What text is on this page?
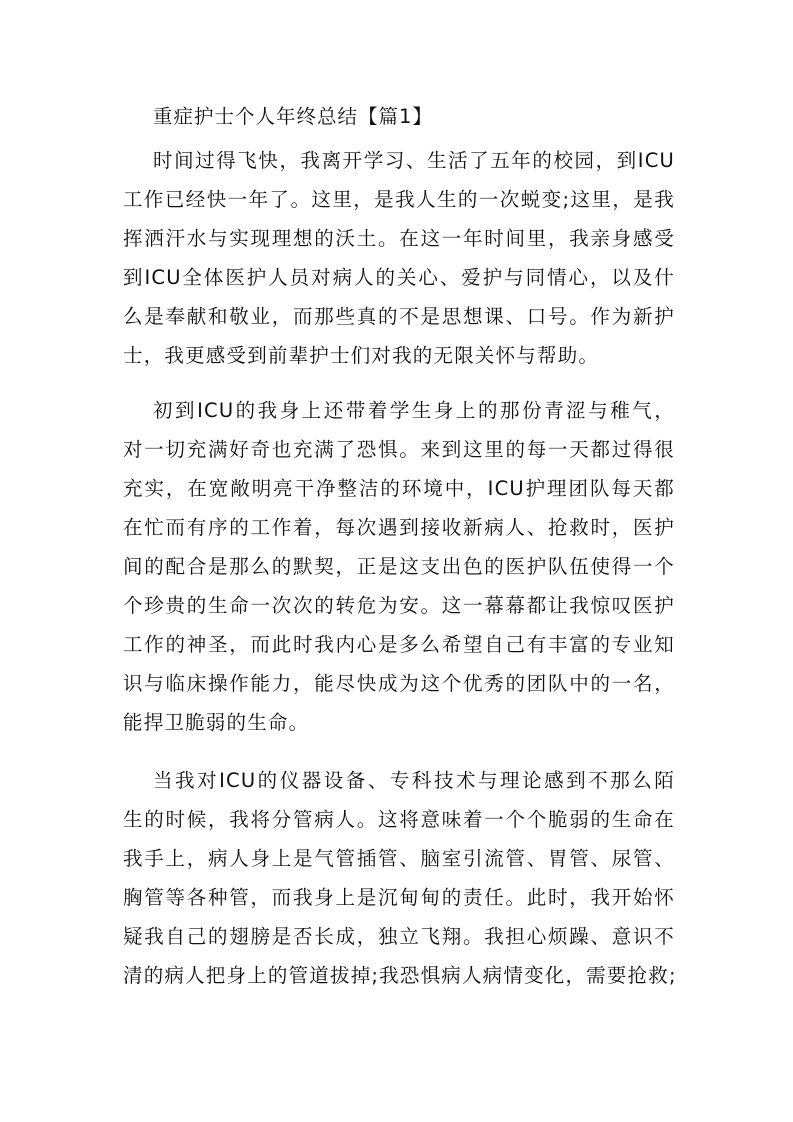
重症护士个人年终总结【篇1】
时间过得飞快，我离开学习、生活了五年的校园，到ICU
工作已经快一年了。这里，是我人生的一次蜕变;这里，是我
挥洒汗水与实现理想的沃土。在这一年时间里，我亲身感受
到ICU全体医护人员对病人的关心、爱护与同情心，以及什
么是奉献和敬业，而那些真的不是思想课、口号。作为新护
士，我更感受到前辈护士们对我的无限关怀与帮助。
初到ICU的我身上还带着学生身上的那份青涩与稚气，
对一切充满好奇也充满了恐惧。来到这里的每一天都过得很
充实，在宽敞明亮干净整洁的环境中，ICU护理团队每天都
在忙而有序的工作着，每次遇到接收新病人、抢救时，医护
间的配合是那么的默契，正是这支出色的医护队伍使得一个
个珍贵的生命一次次的转危为安。这一幕幕都让我惊叹医护
工作的神圣，而此时我内心是多么希望自己有丰富的专业知
识与临床操作能力，能尽快成为这个优秀的团队中的一名，
能捍卫脆弱的生命。
当我对ICU的仪器设备、专科技术与理论感到不那么陌
生的时候，我将分管病人。这将意味着一个个脆弱的生命在
我手上，病人身上是气管插管、脑室引流管、胃管、尿管、
胸管等各种管，而我身上是沉甸甸的责任。此时，我开始怀
疑我自己的翅膀是否长成，独立飞翔。我担心烦躁、意识不
清的病人把身上的管道拔掉;我恐惧病人病情变化，需要抢救;
